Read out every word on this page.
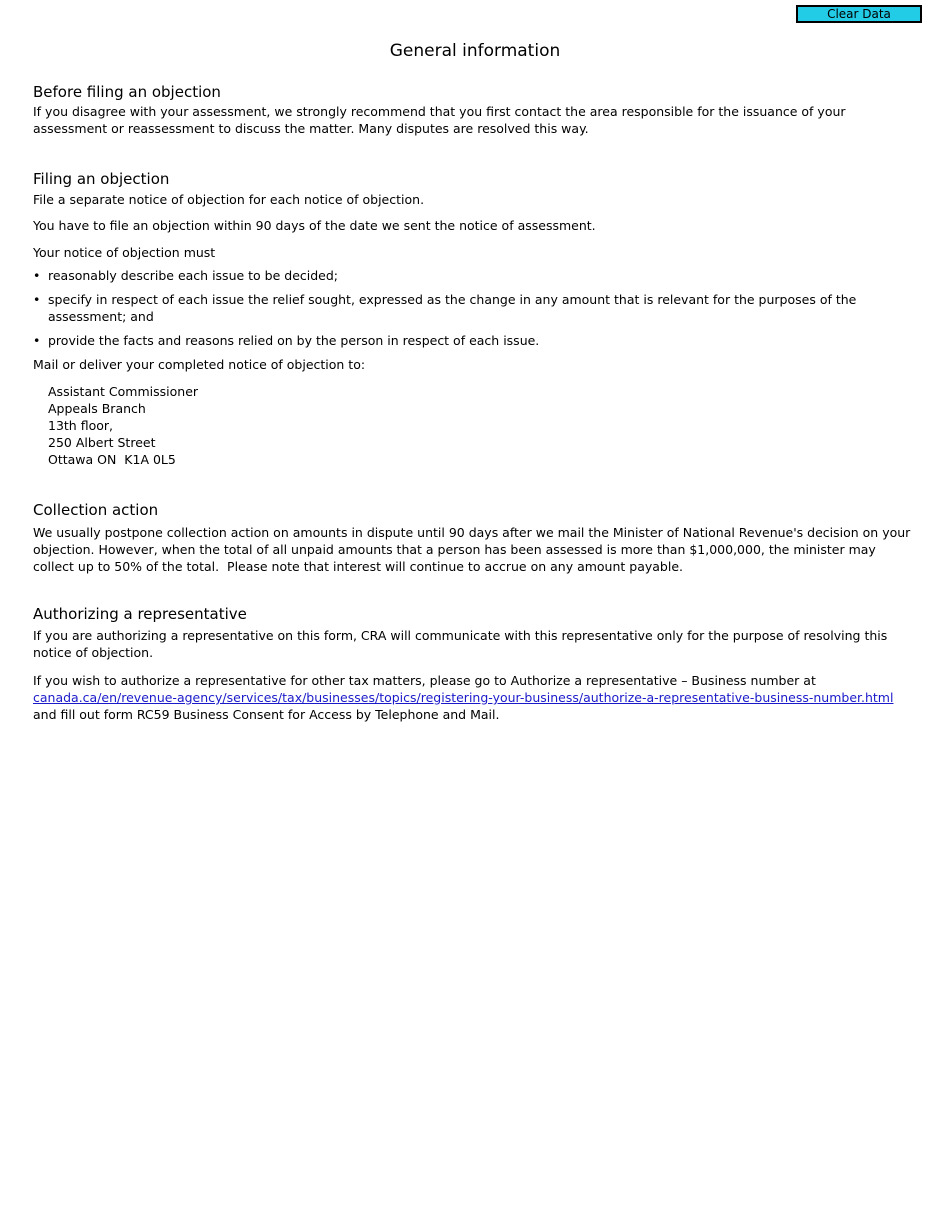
Clear Data
General information
Before filing an objection

If you disagree with your assessment, we strongly recommend that you first contact the area responsible for the issuance of your assessment or reassessment to discuss the matter. Many disputes are resolved this way.

Filing an objection

File a separate notice of objection for each notice of objection.

You have to file an objection within 90 days of the date we sent the notice of assessment.

Your notice of objection must

• reasonably describe each issue to be decided;
• specify in respect of each issue the relief sought, expressed as the change in any amount that is relevant for the purposes of the assessment; and
• provide the facts and reasons relied on by the person in respect of each issue.

Mail or deliver your completed notice of objection to:

Assistant Commissioner
Appeals Branch
13th floor,
250 Albert Street
Ottawa ON  K1A 0L5
Collection action

We usually postpone collection action on amounts in dispute until 90 days after we mail the Minister of National Revenue's decision on your objection. However, when the total of all unpaid amounts that a person has been assessed is more than $1,000,000, the minister may collect up to 50% of the total.  Please note that interest will continue to accrue on any amount payable.

Authorizing a representative

If you are authorizing a representative on this form, CRA will communicate with this representative only for the purpose of resolving this notice of objection.

If you wish to authorize a representative for other tax matters, please go to Authorize a representative – Business number at canada.ca/en/revenue-agency/services/tax/businesses/topics/registering-your-business/authorize-a-representative-business-number.html and fill out form RC59 Business Consent for Access by Telephone and Mail.
